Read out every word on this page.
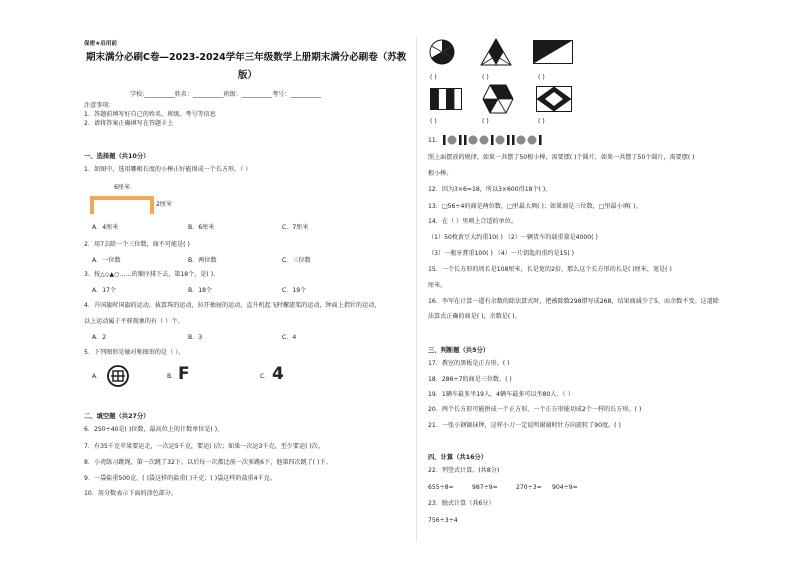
保密★启用前
期末满分必刷C卷—2023-2024学年三年级数学上册期末满分必刷卷（苏教
版）
学校:__________姓名：__________班级：__________考号：__________
注意事项：
1．答题前填写好自己的姓名、班级、考号等信息
2．请将答案正确填写在答题卡上
一、选择题（共10分）
1．如图中，选用哪根长度的小棒正好能围成一个长方形。（ ）
6厘米
2厘米
A．4厘米	B．6厘米	C．7厘米
2．用7去除一个三位数，商不可能是( )
A．一位数	B．两位数	C．三位数
3．按△◇▲○……的顺序排下去，第18个，是( )。
A．17个	B．18个	C．19个
4．升国旗时国旗的运动，拔算珠的运动，拉开抽屉的运动，直升机起飞时螺旋桨的运动，钟面上指针的运动，
以上运动属于平移现象的有（ ）个。
A．2	B．3	C．4
5．下列图形是轴对称图形的是（ ）。
A．	B． F	C． 4
二、填空题（共27分）
6．250÷40是( )位数，最高位上的计数单位是( )。
7．有35千克苹果要运走，一次运5千克，要运( )次；如果一次运3千克，至少要运( )次。
8．小虎练习跳绳，第一次跳了32下，以后每一次都比前一次多跳6下，他第四次跳了( )下。
9．一袋盐重500克，( )袋这样的盐重( )千克；( )袋这样的盐重4千克。
10．用分数表示下面的涂色部分。
( )	( )	( )
( )	( )	( )
11．
照上面摆放的规律，如果一共摆了50根小棒，需要摆( )个圆片，如果一共摆了50个圆片，需要摆( )
根小棒。
12．因为3×6=18，所以3×600得18个( )。
13．□56÷4的商是两位数，□里最大填( )；如果商是三位数，□里最小填( )。
14．在（ ）里填上合适的单位。
（1）50枚黄豆大约重10( ) （2）一辆货车的载重量是4000( )
（3）一瓶牙膏重100( ) （4）一片钥匙的重约是15( )
15．一个长方形的周长是108厘米，长是宽的2倍，那么这个长方形的长是( )厘米，宽是( )
厘米。
16．李军在计算一道有余数的除法算式时，把被除数298错写成268，结果商减少了5，而余数不变。这道除
法算式正确的商是( )，余数是( )。
三、判断题（共5分）
17．教室的黑板是正方形。( )
18．286÷7的商是三位数。( )
19．1辆车最多坐19人，4辆车最多可以坐80人．（ ）
20．两个长方形可能拼成一个正方形，一个正方形能切成2个一样的长方形。( )
21．一张小钢锯抹钟，这样小刀一定说明谢谢时针方向旋转了90度。( )
四、计算（共16分）
22．列竖式计算。(共8分)
655÷8=	987÷9=	270÷3= 904÷9=
23．脱式计算（共6分）
756÷3÷4
